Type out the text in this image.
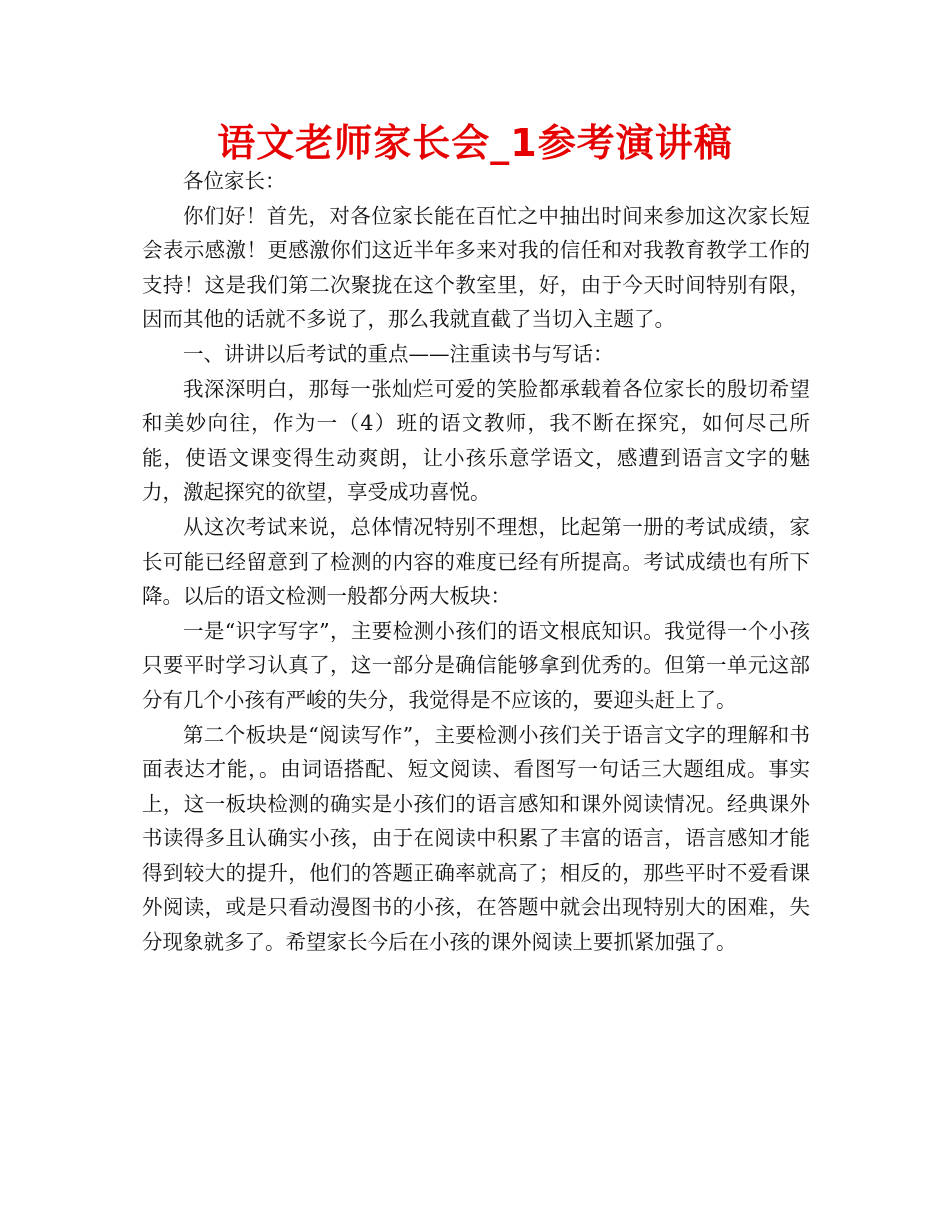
语文老师家长会_1参考演讲稿

各位家长：

你们好！首先，对各位家长能在百忙之中抽出时间来参加这次家长短会表示感激！更感激你们这近半年多来对我的信任和对我教育教学工作的支持！这是我们第二次聚拢在这个教室里，好，由于今天时间特别有限，因而其他的话就不多说了，那么我就直截了当切入主题了。

一、讲讲以后考试的重点——注重读书与写话：

我深深明白，那每一张灿烂可爱的笑脸都承载着各位家长的殷切希望和美妙向往，作为一（4）班的语文教师，我不断在探究，如何尽己所能，使语文课变得生动爽朗，让小孩乐意学语文，感遭到语言文字的魅力，激起探究的欲望，享受成功喜悦。

从这次考试来说，总体情况特别不理想，比起第一册的考试成绩，家长可能已经留意到了检测的内容的难度已经有所提高。考试成绩也有所下降。以后的语文检测一般都分两大板块：

一是“识字写字”，主要检测小孩们的语文根底知识。我觉得一个小孩只要平时学习认真了，这一部分是确信能够拿到优秀的。但第一单元这部分有几个小孩有严峻的失分，我觉得是不应该的，要迎头赶上了。

第二个板块是“阅读写作”，主要检测小孩们关于语言文字的理解和书面表达才能，。由词语搭配、短文阅读、看图写一句话三大题组成。事实上，这一板块检测的确实是小孩们的语言感知和课外阅读情况。经典课外书读得多且认确实小孩，由于在阅读中积累了丰富的语言，语言感知才能得到较大的提升，他们的答题正确率就高了；相反的，那些平时不爱看课外阅读，或是只看动漫图书的小孩，在答题中就会出现特别大的困难，失分现象就多了。希望家长今后在小孩的课外阅读上要抓紧加强了。
